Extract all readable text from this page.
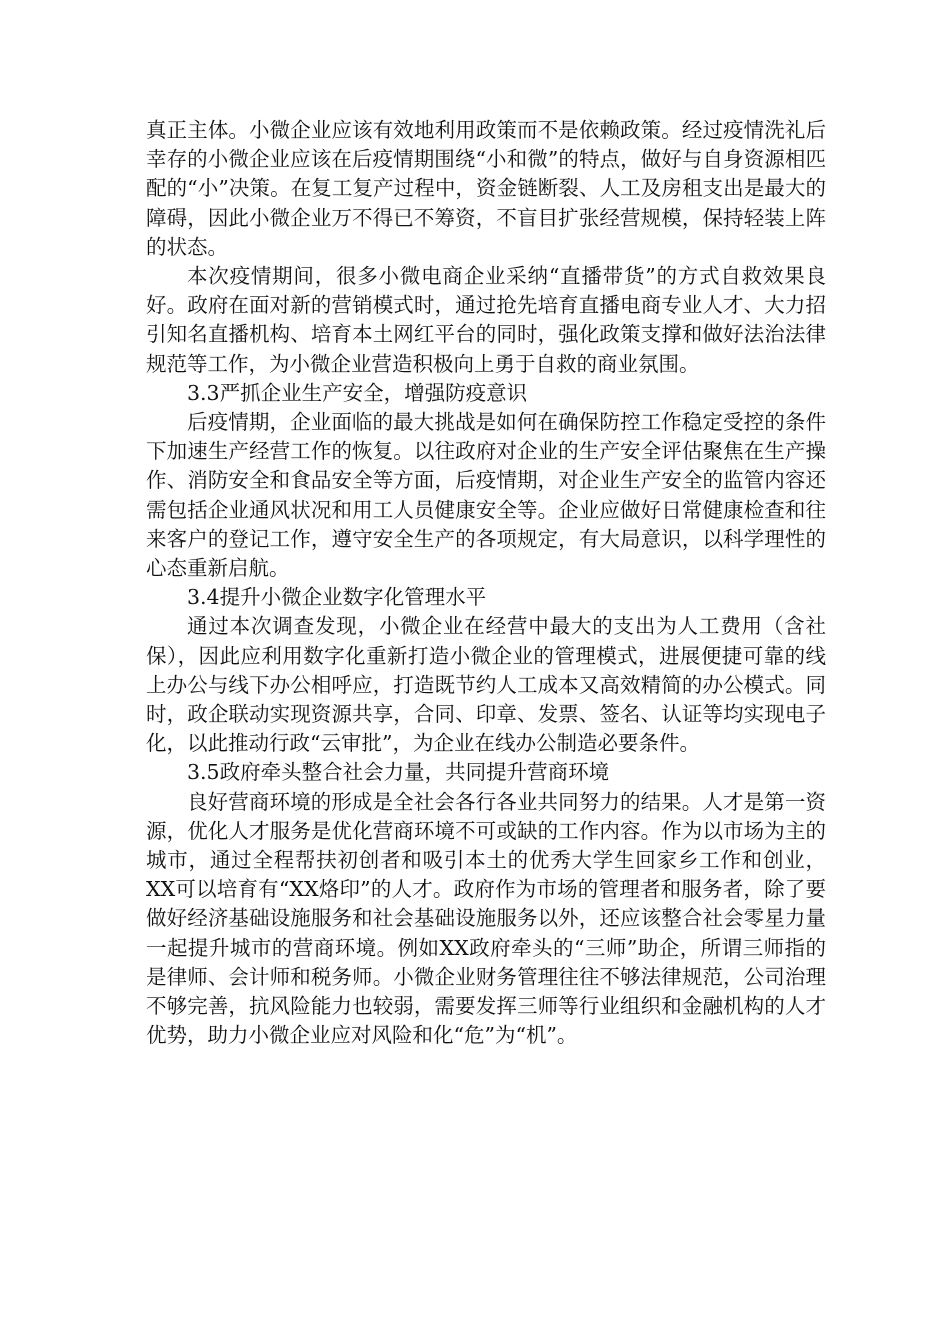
真正主体。小微企业应该有效地利用政策而不是依赖政策。经过疫情洗礼后幸存的小微企业应该在后疫情期围绕“小和微”的特点，做好与自身资源相匹配的“小”决策。在复工复产过程中，资金链断裂、人工及房租支出是最大的障碍，因此小微企业万不得已不筹资，不盲目扩张经营规模，保持轻装上阵的状态。

本次疫情期间，很多小微电商企业采纳“直播带货”的方式自救效果良好。政府在面对新的营销模式时，通过抢先培育直播电商专业人才、大力招引知名直播机构、培育本土网红平台的同时，强化政策支撑和做好法治法律规范等工作，为小微企业营造积极向上勇于自救的商业氛围。

3.3严抓企业生产安全，增强防疫意识

后疫情期，企业面临的最大挑战是如何在确保防控工作稳定受控的条件下加速生产经营工作的恢复。以往政府对企业的生产安全评估聚焦在生产操作、消防安全和食品安全等方面，后疫情期，对企业生产安全的监管内容还需包括企业通风状况和用工人员健康安全等。企业应做好日常健康检查和往来客户的登记工作，遵守安全生产的各项规定，有大局意识，以科学理性的心态重新启航。

3.4提升小微企业数字化管理水平

通过本次调查发现，小微企业在经营中最大的支出为人工费用（含社保），因此应利用数字化重新打造小微企业的管理模式，进展便捷可靠的线上办公与线下办公相呼应，打造既节约人工成本又高效精简的办公模式。同时，政企联动实现资源共享，合同、印章、发票、签名、认证等均实现电子化，以此推动行政“云审批”，为企业在线办公制造必要条件。

3.5政府牵头整合社会力量，共同提升营商环境

良好营商环境的形成是全社会各行各业共同努力的结果。人才是第一资源，优化人才服务是优化营商环境不可或缺的工作内容。作为以市场为主的城市，通过全程帮扶初创者和吸引本土的优秀大学生回家乡工作和创业，XX可以培育有“XX烙印”的人才。政府作为市场的管理者和服务者，除了要做好经济基础设施服务和社会基础设施服务以外，还应该整合社会零星力量一起提升城市的营商环境。例如XX政府牵头的“三师”助企，所谓三师指的是律师、会计师和税务师。小微企业财务管理往往不够法律规范，公司治理不够完善，抗风险能力也较弱，需要发挥三师等行业组织和金融机构的人才优势，助力小微企业应对风险和化“危”为“机”。
